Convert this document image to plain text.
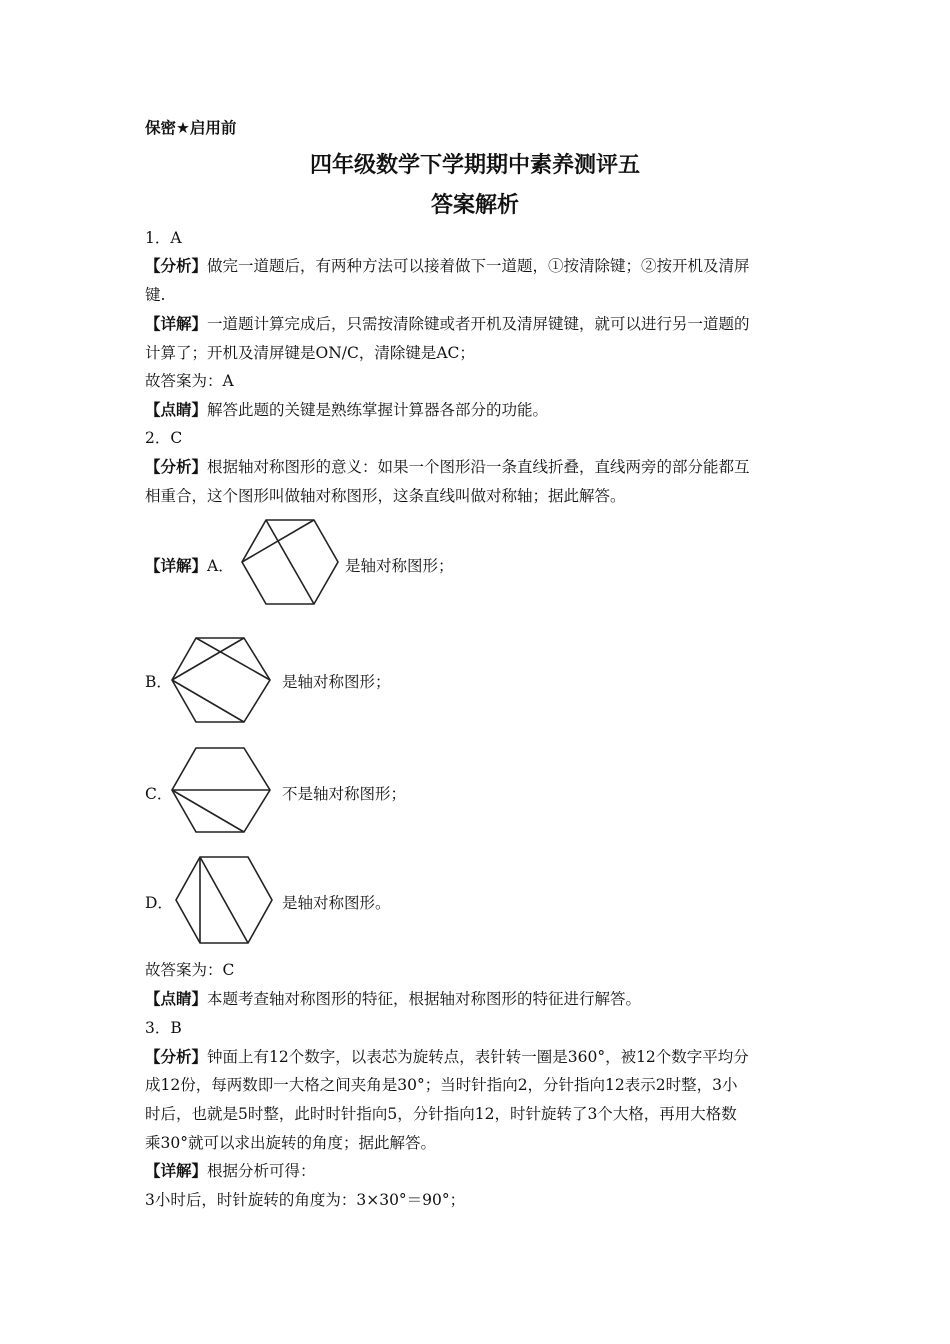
保密★启用前
四年级数学下学期期中素养测评五
答案解析
1．A
【分析】做完一道题后，有两种方法可以接着做下一道题，①按清除键；②按开机及清屏
键.
【详解】一道题计算完成后，只需按清除键或者开机及清屏键键，就可以进行另一道题的
计算了；开机及清屏键是ON/C，清除键是AC；
故答案为：A
【点睛】解答此题的关键是熟练掌握计算器各部分的功能。
2．C
【分析】根据轴对称图形的意义：如果一个图形沿一条直线折叠，直线两旁的部分能都互
相重合，这个图形叫做轴对称图形，这条直线叫做对称轴；据此解答。
【详解】A．	是轴对称图形；
B．	是轴对称图形；
C．	不是轴对称图形；
D．	是轴对称图形。
故答案为：C
【点睛】本题考查轴对称图形的特征，根据轴对称图形的特征进行解答。
3．B
【分析】钟面上有12个数字，以表芯为旋转点，表针转一圈是360°，被12个数字平均分
成12份，每两数即一大格之间夹角是30°；当时针指向2，分针指向12表示2时整，3小
时后，也就是5时整，此时时针指向5，分针指向12，时针旋转了3个大格，再用大格数
乘30°就可以求出旋转的角度；据此解答。
【详解】根据分析可得：
3小时后，时针旋转的角度为：3×30°＝90°；
